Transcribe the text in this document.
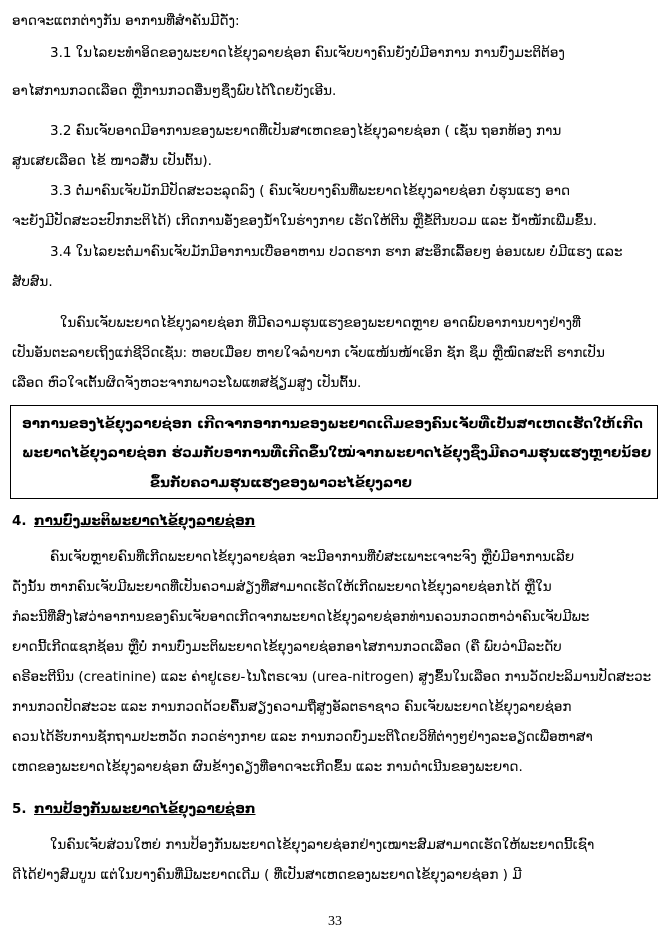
ອາດຈະແຕກຕ່າງກັນ ອາການທີ່ສໍາຄັນມີດັ່ງ:
3.1 ໃນໄລຍະທຳອິດຂອງພະຍາດໄຂ້ຍຸງລາຍຊ່ອກ ຄົນເຈັບບາງຄົນຍັງບໍ່ມີອາການ ການບົ່ງມະຕິຕ້ອງ
ອາໄສການກວດເລືອດ ຫຼືການກວດອື່ນໆຊຶ່ງພົບໄດ້ໂດຍບັງເອີນ.
3.2 ຄົນເຈັບອາດມີອາການຂອງພະຍາດທີ່ເປັນສາເຫດຂອງໄຂ້ຍຸງລາຍຊ່ອກ ( ເຊັ່ນ ຖອກທ້ອງ ການ
ສູນເສຍເລືອດ ໄຂ້ ໜາວສັ່ນ ເປັນຕົ້ນ).
3.3 ຕໍ່ມາຄົນເຈັບມັກມີປັດສະວະລຸດລົງ ( ຄົນເຈັບບາງຄົນທີ່ພະຍາດໄຂ້ຍຸງລາຍຊ່ອກ ບໍ່ຮຸນແຮງ ອາດ
ຈະຍັງມີປັດສະວະປົກກະຕິໄດ້) ເກີດການອັ່ງຂອງນໍ້າໃນຮ່າງກາຍ ເຮັດໃຫ້ຕີນ ຫຼືຂໍ້ຕີນບວມ ແລະ ນໍ້າໜັກເພີ່ມຂຶ້ນ.
3.4 ໃນໄລຍະຕໍ່ມາຄົນເຈັບມັກມີອາການເບື່ອອາຫານ ປວດຮາກ ຮາກ ສະອຶກເລື້ອຍໆ ອ່ອນເພຍ ບໍ່ມີແຮງ ແລະ
ສັບສົນ.
ໃນຄົນເຈັບພະຍາດໄຂ້ຍຸງລາຍຊ່ອກ ທີ່ມີຄວາມຮຸນແຮງຂອງພະຍາດຫຼາຍ ອາດພົບອາການບາງຢ່າງທີ່
ເປັນອັນຕະລາຍເຖິງແກ່ຊີວິດເຊັ່ນ: ຫອບເມື່ອຍ ຫາຍໃຈລໍາບາກ ເຈັບແໜ້ນໜ້າເອິກ ຊັກ ຊຶມ ຫຼືໝົດສະຕິ ຮາກເປັນ
ເລືອດ ຫົວໃຈເຕັ້ນຜິດຈັງຫວະຈາກພາວະໂພແທສຊ້ຽມສູງ ເປັນຕົ້ນ.
ອາການຂອງໄຂ້ຍຸງລາຍຊ່ອກ ເກີດຈາກອາການຂອງພະຍາດເດີມຂອງຄົນເຈັບທີ່ເປັນສາເຫດເຮັດໃຫ້ເກີດ
ພະຍາດໄຂ້ຍຸງລາຍຊ່ອກ ຮ່ວມກັບອາການທີ່ເກີດຂຶ້ນໃໝ່ຈາກພະຍາດໄຂ້ຍຸງຊຶ່ງມີຄວາມຮຸນແຮງຫຼາຍນ້ອຍ
ຂຶ້ນກັບຄວາມຮຸນແຮງຂອງພາວະໄຂ້ຍຸງລາຍ
4. ການບົ່ງມະຕິພະຍາດໄຂ້ຍຸງລາຍຊ່ອກ
ຄົນເຈັບຫຼາຍຄົນທີ່ເກີດພະຍາດໄຂ້ຍຸງລາຍຊ່ອກ ຈະມີອາການທີ່ບໍ່ສະເພາະເຈາະຈົງ ຫຼືບໍ່ມີອາການເລີຍ
ດັ່ງນັ້ນ ຫາກຄົນເຈັບມີພະຍາດທີ່ເປັນຄວາມສ່ຽງທີ່ສາມາດເຮັດໃຫ້ເກີດພະຍາດໄຂ້ຍຸງລາຍຊ່ອກໄດ້ ຫຼືໃນ
ກໍລະນີທີ່ສົງໄສວ່າອາການຂອງຄົນເຈັບອາດເກີດຈາກພະຍາດໄຂ້ຍຸງລາຍຊ່ອກທ່ານຄວນກວດຫາວ່າຄົນເຈັບມີພະ
ຍາດນີ້ເກີດແຊກຊ້ອນ ຫຼືບໍ່ ການບົ່ງມະຕິພະຍາດໄຂ້ຍຸງລາຍຊ່ອກອາໄສການກວດເລືອດ (ຄື ພົບວ່າມີລະດັບ
ຄຣີອະຕີນິນ (creatinine) ແລະ ຄ່າຢູເຣຍ-ໄນໂຕຣເຈນ (urea-nitrogen) ສູງຂຶ້ນໃນເລືອດ ການວັດປະລິມານປັດສະວະ
ການກວດປັດສະວະ ແລະ ການກວດດ້ວຍຄື້ນສຽງຄວາມຖີ່ສູງອັລຕຣາຊາວ ຄົນເຈັບພະຍາດໄຂ້ຍຸງລາຍຊ່ອກ
ຄວນໄດ້ຮັບການຊັກຖາມປະຫວັດ ກວດຮ່າງກາຍ ແລະ ການກວດບົ່ງມະຕິໂດຍວິທີຕ່າງໆຢ່າງລະອຽດເພື່ອຫາສາ
ເຫດຂອງພະຍາດໄຂ້ຍຸງລາຍຊ່ອກ ຜົນຂ້າງຄຽງທີ່ອາດຈະເກີດຂຶ້ນ ແລະ ການດໍາເນີນຂອງພະຍາດ.
5. ການປ້ອງກັນພະຍາດໄຂ້ຍຸງລາຍຊ່ອກ
ໃນຄົນເຈັບສ່ວນໃຫຍ່ ການປ້ອງກັນພະຍາດໄຂ້ຍຸງລາຍຊ່ອກຢ່າງເໝາະສົມສາມາດເຮັດໃຫ້ພະຍາດນີ້ເຊົາ
ດີໄດ້ຢ່າງສົມບູນ ແຕ່ໃນບາງຄົນທີ່ມີພະຍາດເດີມ ( ທີ່ເປັນສາເຫດຂອງພະຍາດໄຂ້ຍຸງລາຍຊ່ອກ ) ມີ
33
